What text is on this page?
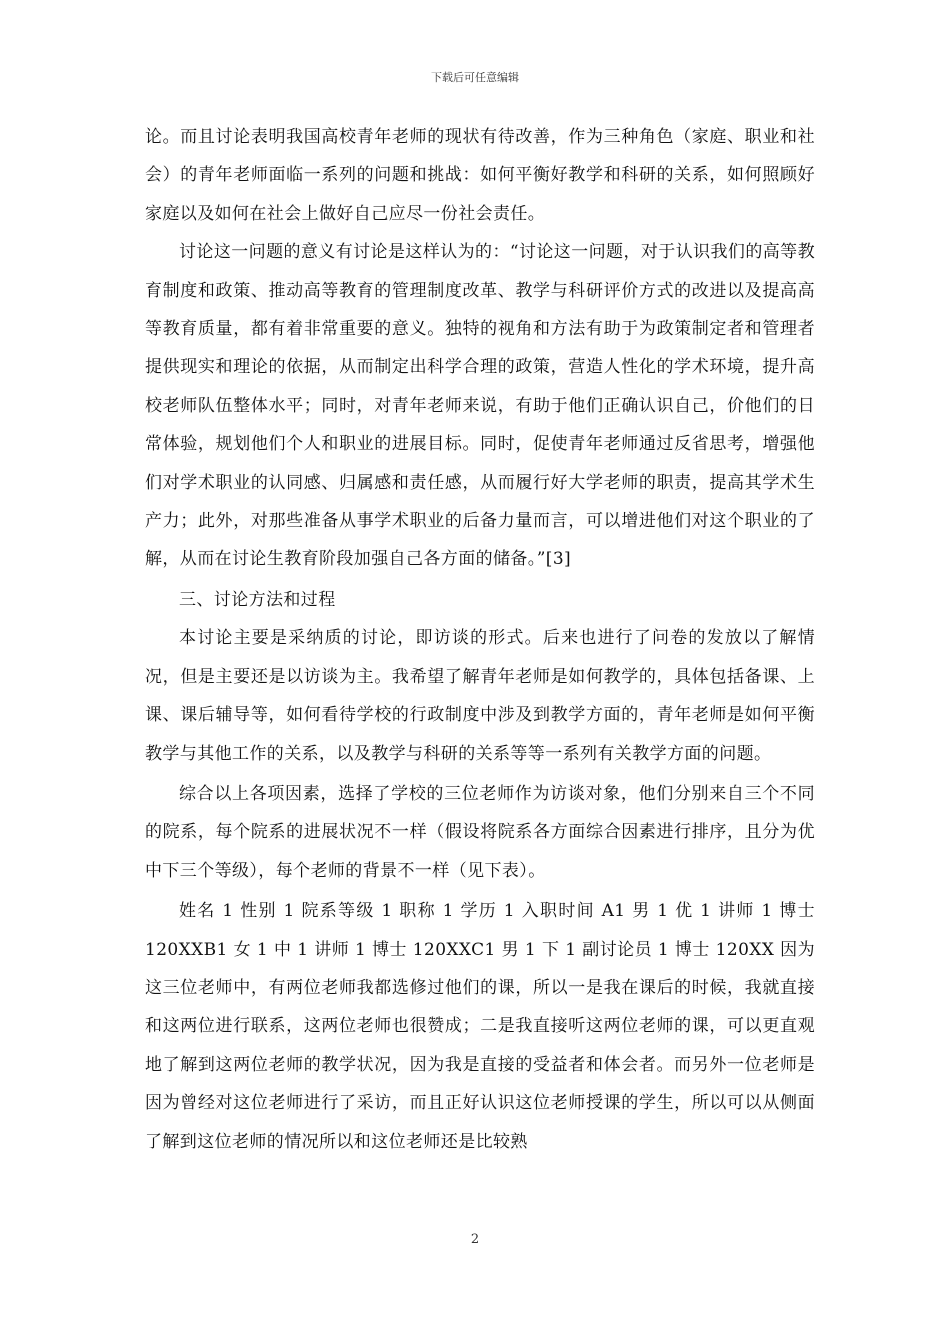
下载后可任意编辑

论。而且讨论表明我国高校青年老师的现状有待改善，作为三种角色（家庭、职业和社会）的青年老师面临一系列的问题和挑战：如何平衡好教学和科研的关系，如何照顾好家庭以及如何在社会上做好自己应尽一份社会责任。

讨论这一问题的意义有讨论是这样认为的：“讨论这一问题，对于认识我们的高等教育制度和政策、推动高等教育的管理制度改革、教学与科研评价方式的改进以及提高高等教育质量，都有着非常重要的意义。独特的视角和方法有助于为政策制定者和管理者提供现实和理论的依据，从而制定出科学合理的政策，营造人性化的学术环境，提升高校老师队伍整体水平；同时，对青年老师来说，有助于他们正确认识自己，价他们的日常体验，规划他们个人和职业的进展目标。同时，促使青年老师通过反省思考，增强他们对学术职业的认同感、归属感和责任感，从而履行好大学老师的职责，提高其学术生产力；此外，对那些准备从事学术职业的后备力量而言，可以增进他们对这个职业的了解，从而在讨论生教育阶段加强自己各方面的储备。”[3]

三、讨论方法和过程

本讨论主要是采纳质的讨论，即访谈的形式。后来也进行了问卷的发放以了解情况，但是主要还是以访谈为主。我希望了解青年老师是如何教学的，具体包括备课、上课、课后辅导等，如何看待学校的行政制度中涉及到教学方面的，青年老师是如何平衡教学与其他工作的关系，以及教学与科研的关系等等一系列有关教学方面的问题。

综合以上各项因素，选择了学校的三位老师作为访谈对象，他们分别来自三个不同的院系，每个院系的进展状况不一样（假设将院系各方面综合因素进行排序，且分为优中下三个等级），每个老师的背景不一样（见下表）。

姓名 1 性别 1 院系等级 1 职称 1 学历 1 入职时间 A1 男 1 优 1 讲师 1 博士 120XXB1 女 1 中 1 讲师 1 博士 120XXC1 男 1 下 1 副讨论员 1 博士 120XX 因为这三位老师中，有两位老师我都选修过他们的课，所以一是我在课后的时候，我就直接和这两位进行联系，这两位老师也很赞成；二是我直接听这两位老师的课，可以更直观地了解到这两位老师的教学状况，因为我是直接的受益者和体会者。而另外一位老师是因为曾经对这位老师进行了采访，而且正好认识这位老师授课的学生，所以可以从侧面了解到这位老师的情况所以和这位老师还是比较熟

2
